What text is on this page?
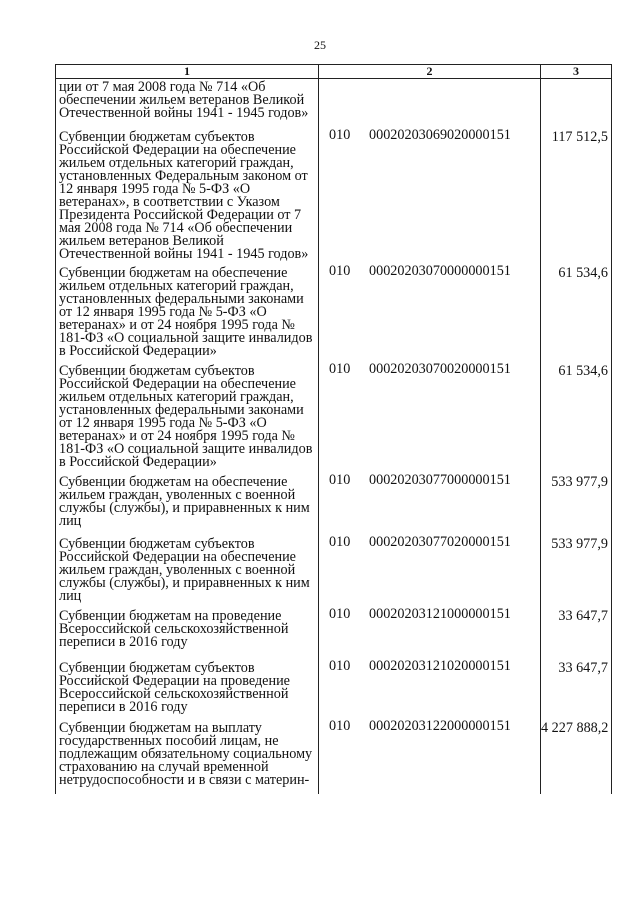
25
1	2	3

ции от 7 мая 2008 года № 714 «Об обеспечении жильем ветеранов Великой Отечественной войны 1941 - 1945 годов»		

Субвенции бюджетам субъектов Российской Федерации на обеспечение жильем отдельных категорий граждан, установленных Федеральным законом от 12 января 1995 года № 5-ФЗ «О ветеранах», в соответствии с Указом Президента Российской Федерации от 7 мая 2008 года № 714 «Об обеспечении жильем ветеранов Великой Отечественной войны 1941 - 1945 годов»	010 00020203069020000151	117 512,5

Субвенции бюджетам на обеспечение жильем отдельных категорий граждан, установленных федеральными законами от 12 января 1995 года № 5-ФЗ «О ветеранах» и от 24 ноября 1995 года № 181-ФЗ «О социальной защите инвалидов в Российской Федерации»	010 00020203070000000151	61 534,6

Субвенции бюджетам субъектов Российской Федерации на обеспечение жильем отдельных категорий граждан, установленных федеральными законами от 12 января 1995 года № 5-ФЗ «О ветеранах» и от 24 ноября 1995 года № 181-ФЗ «О социальной защите инвалидов в Российской Федерации»	010 00020203070020000151	61 534,6

Субвенции бюджетам на обеспечение жильем граждан, уволенных с военной службы (службы), и приравненных к ним лиц	010 00020203077000000151	533 977,9

Субвенции бюджетам субъектов Российской Федерации на обеспечение жильем граждан, уволенных с военной службы (службы), и приравненных к ним лиц	010 00020203077020000151	533 977,9

Субвенции бюджетам на проведение Всероссийской сельскохозяйственной переписи в 2016 году	010 00020203121000000151	33 647,7

Субвенции бюджетам субъектов Российской Федерации на проведение Всероссийской сельскохозяйственной переписи в 2016 году	010 00020203121020000151	33 647,7

Субвенции бюджетам на выплату государственных пособий лицам, не подлежащим обязательному социальному страхованию на случай временной нетрудоспособности и в связи с материн-	010 00020203122000000151	4 227 888,2
